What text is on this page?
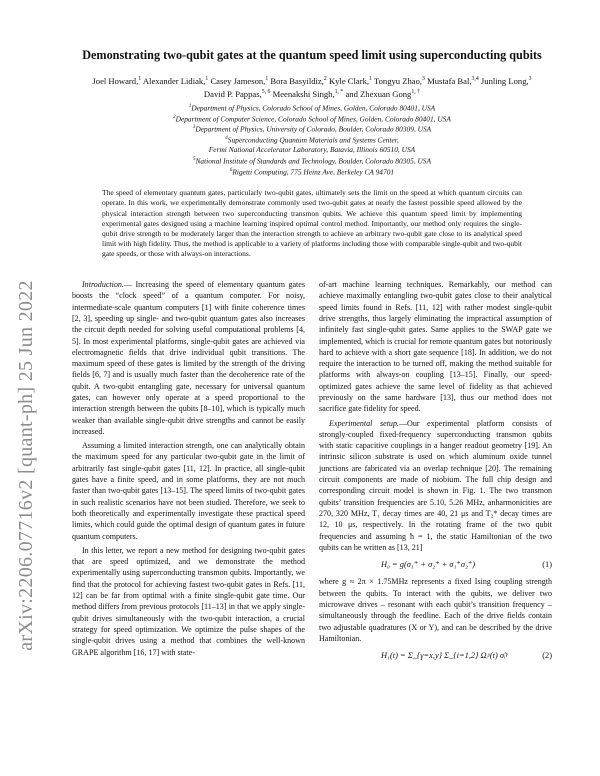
arXiv:2206.07716v2 [quant-ph] 25 Jun 2022
Demonstrating two-qubit gates at the quantum speed limit using superconducting qubits
Joel Howard,$^1$ Alexander Lidiak,$^1$ Casey Jameson,$^1$ Bora Basyildiz,$^2$ Kyle Clark,$^1$ Tongyu Zhao,$^3$ Mustafa Bal,$^{3,4}$ Junling Long,$^3$ David P. Pappas,$^{5, 6}$ Meenakshi Singh,$^{1, *}$ and Zhexuan Gong$^{1, \dagger}$
$^1$Department of Physics, Colorado School of Mines, Golden, Colorado 80401, USA
$^2$Department of Computer Science, Colorado School of Mines, Golden, Colorado 80401, USA
$^3$Department of Physics, University of Colorado, Boulder, Colorado 80309, USA
$^4$Superconducting Quantum Materials and Systems Center,
Fermi National Accelerator Laboratory, Batavia, Illinois 60510, USA
$^5$National Institute of Standards and Technology, Boulder, Colorado 80305, USA
$^6$Rigetti Computing, 775 Heinz Ave, Berkeley CA 94701
The speed of elementary quantum gates, particularly two-qubit gates, ultimately sets the limit on the speed at which quantum circuits can operate. In this work, we experimentally demonstrate commonly used two-qubit gates at nearly the fastest possible speed allowed by the physical interaction strength between two superconducting transmon qubits. We achieve this quantum speed limit by implementing experimental gates designed using a machine learning inspired optimal control method. Importantly, our method only requires the single-qubit drive strength to be moderately larger than the interaction strength to achieve an arbitrary two-qubit gate close to its analytical speed limit with high fidelity. Thus, the method is applicable to a variety of platforms including those with comparable single-qubit and two-qubit gate speeds, or those with always-on interactions.

Introduction.— Increasing the speed of elementary quantum gates boosts the “clock speed” of a quantum computer. For noisy, intermediate-scale quantum computers [1] with finite coherence times [2, 3], speeding up single- and two-qubit quantum gates also increases the circuit depth needed for solving useful computational problems [4, 5]. In most experimental platforms, single-qubit gates are achieved via electromagnetic fields that drive individual qubit transitions. The maximum speed of these gates is limited by the strength of the driving fields [6, 7] and is usually much faster than the decoherence rate of the qubit. A two-qubit entangling gate, necessary for universal quantum gates, can however only operate at a speed proportional to the interaction strength between the qubits [8–10], which is typically much weaker than available single-qubit drive strengths and cannot be easily increased.

Assuming a limited interaction strength, one can analytically obtain the maximum speed for any particular two-qubit gate in the limit of arbitrarily fast single-qubit gates [11, 12]. In practice, all single-qubit gates have a finite speed, and in some platforms, they are not much faster than two-qubit gates [13–15]. The speed limits of two-qubit gates in such realistic scenarios have not been studied. Therefore, we seek to both theoretically and experimentally investigate these practical speed limits, which could guide the optimal design of quantum gates in future quantum computers.

In this letter, we report a new method for designing two-qubit gates that are speed optimized, and we demonstrate the method experimentally using superconducting transmon qubits. Importantly, we find that the protocol for achieving fastest two-qubit gates in Refs. [11, 12] can be far from optimal with a finite single-qubit gate time. Our method differs from previous protocols [11–13] in that we apply single-qubit drives simultaneously with the two-qubit interaction, a crucial strategy for speed optimization. We optimize the pulse shapes of the single-qubit drives using a method that combines the well-known GRAPE algorithm [16, 17] with state-

of-art machine learning techniques. Remarkably, our method can achieve maximally entangling two-qubit gates close to their analytical speed limits found in Refs. [11, 12] with rather modest single-qubit drive strengths, thus largely eliminating the impractical assumption of infinitely fast single-qubit gates. Same applies to the SWAP gate we implemented, which is crucial for remote quantum gates but notoriously hard to achieve with a short gate sequence [18]. In addition, we do not require the interaction to be turned off, making the method suitable for platforms with always-on coupling [13–15]. Finally, our speed-optimized gates achieve the same level of fidelity as that achieved previously on the same hardware [13], thus our method does not sacrifice gate fidelity for speed.

Experimental setup.—Our experimental platform consists of strongly-coupled fixed-frequency superconducting transmon qubits with static capacitive couplings in a hanger readout geometry [19]. An intrinsic silicon substrate is used on which aluminum oxide tunnel junctions are fabricated via an overlap technique [20]. The remaining circuit components are made of niobium. The full chip design and corresponding circuit model is shown in Fig. 1. The two transmon qubits’ transition frequencies are 5.10, 5.26 MHz, anharmonicities are 270, 320 MHz, T₁ decay times are 40, 21 μs and T₂* decay times are 12, 10 μs, respectively. In the rotating frame of the two qubit frequencies and assuming ħ = 1, the static Hamiltonian of the two qubits can be written as [13, 21]

H₀ = g(σ₁⁺ + σ₂⁺ + σ₁⁺σ₂⁺)	(1)

where g ≈ 2π × 1.75MHz represents a fixed Ising coupling strength between the qubits. To interact with the qubits, we deliver two microwave drives – resonant with each qubit’s transition frequency – simultaneously through the feedline. Each of the drive fields contain two adjustable quadratures (X or Y), and can be described by the drive Hamiltonian.

H₁(t) = Σ_{γ=x,y} Σ_{i=1,2} Ωᵢᵞ(t) σ̃ᵢᵞ	(2)
